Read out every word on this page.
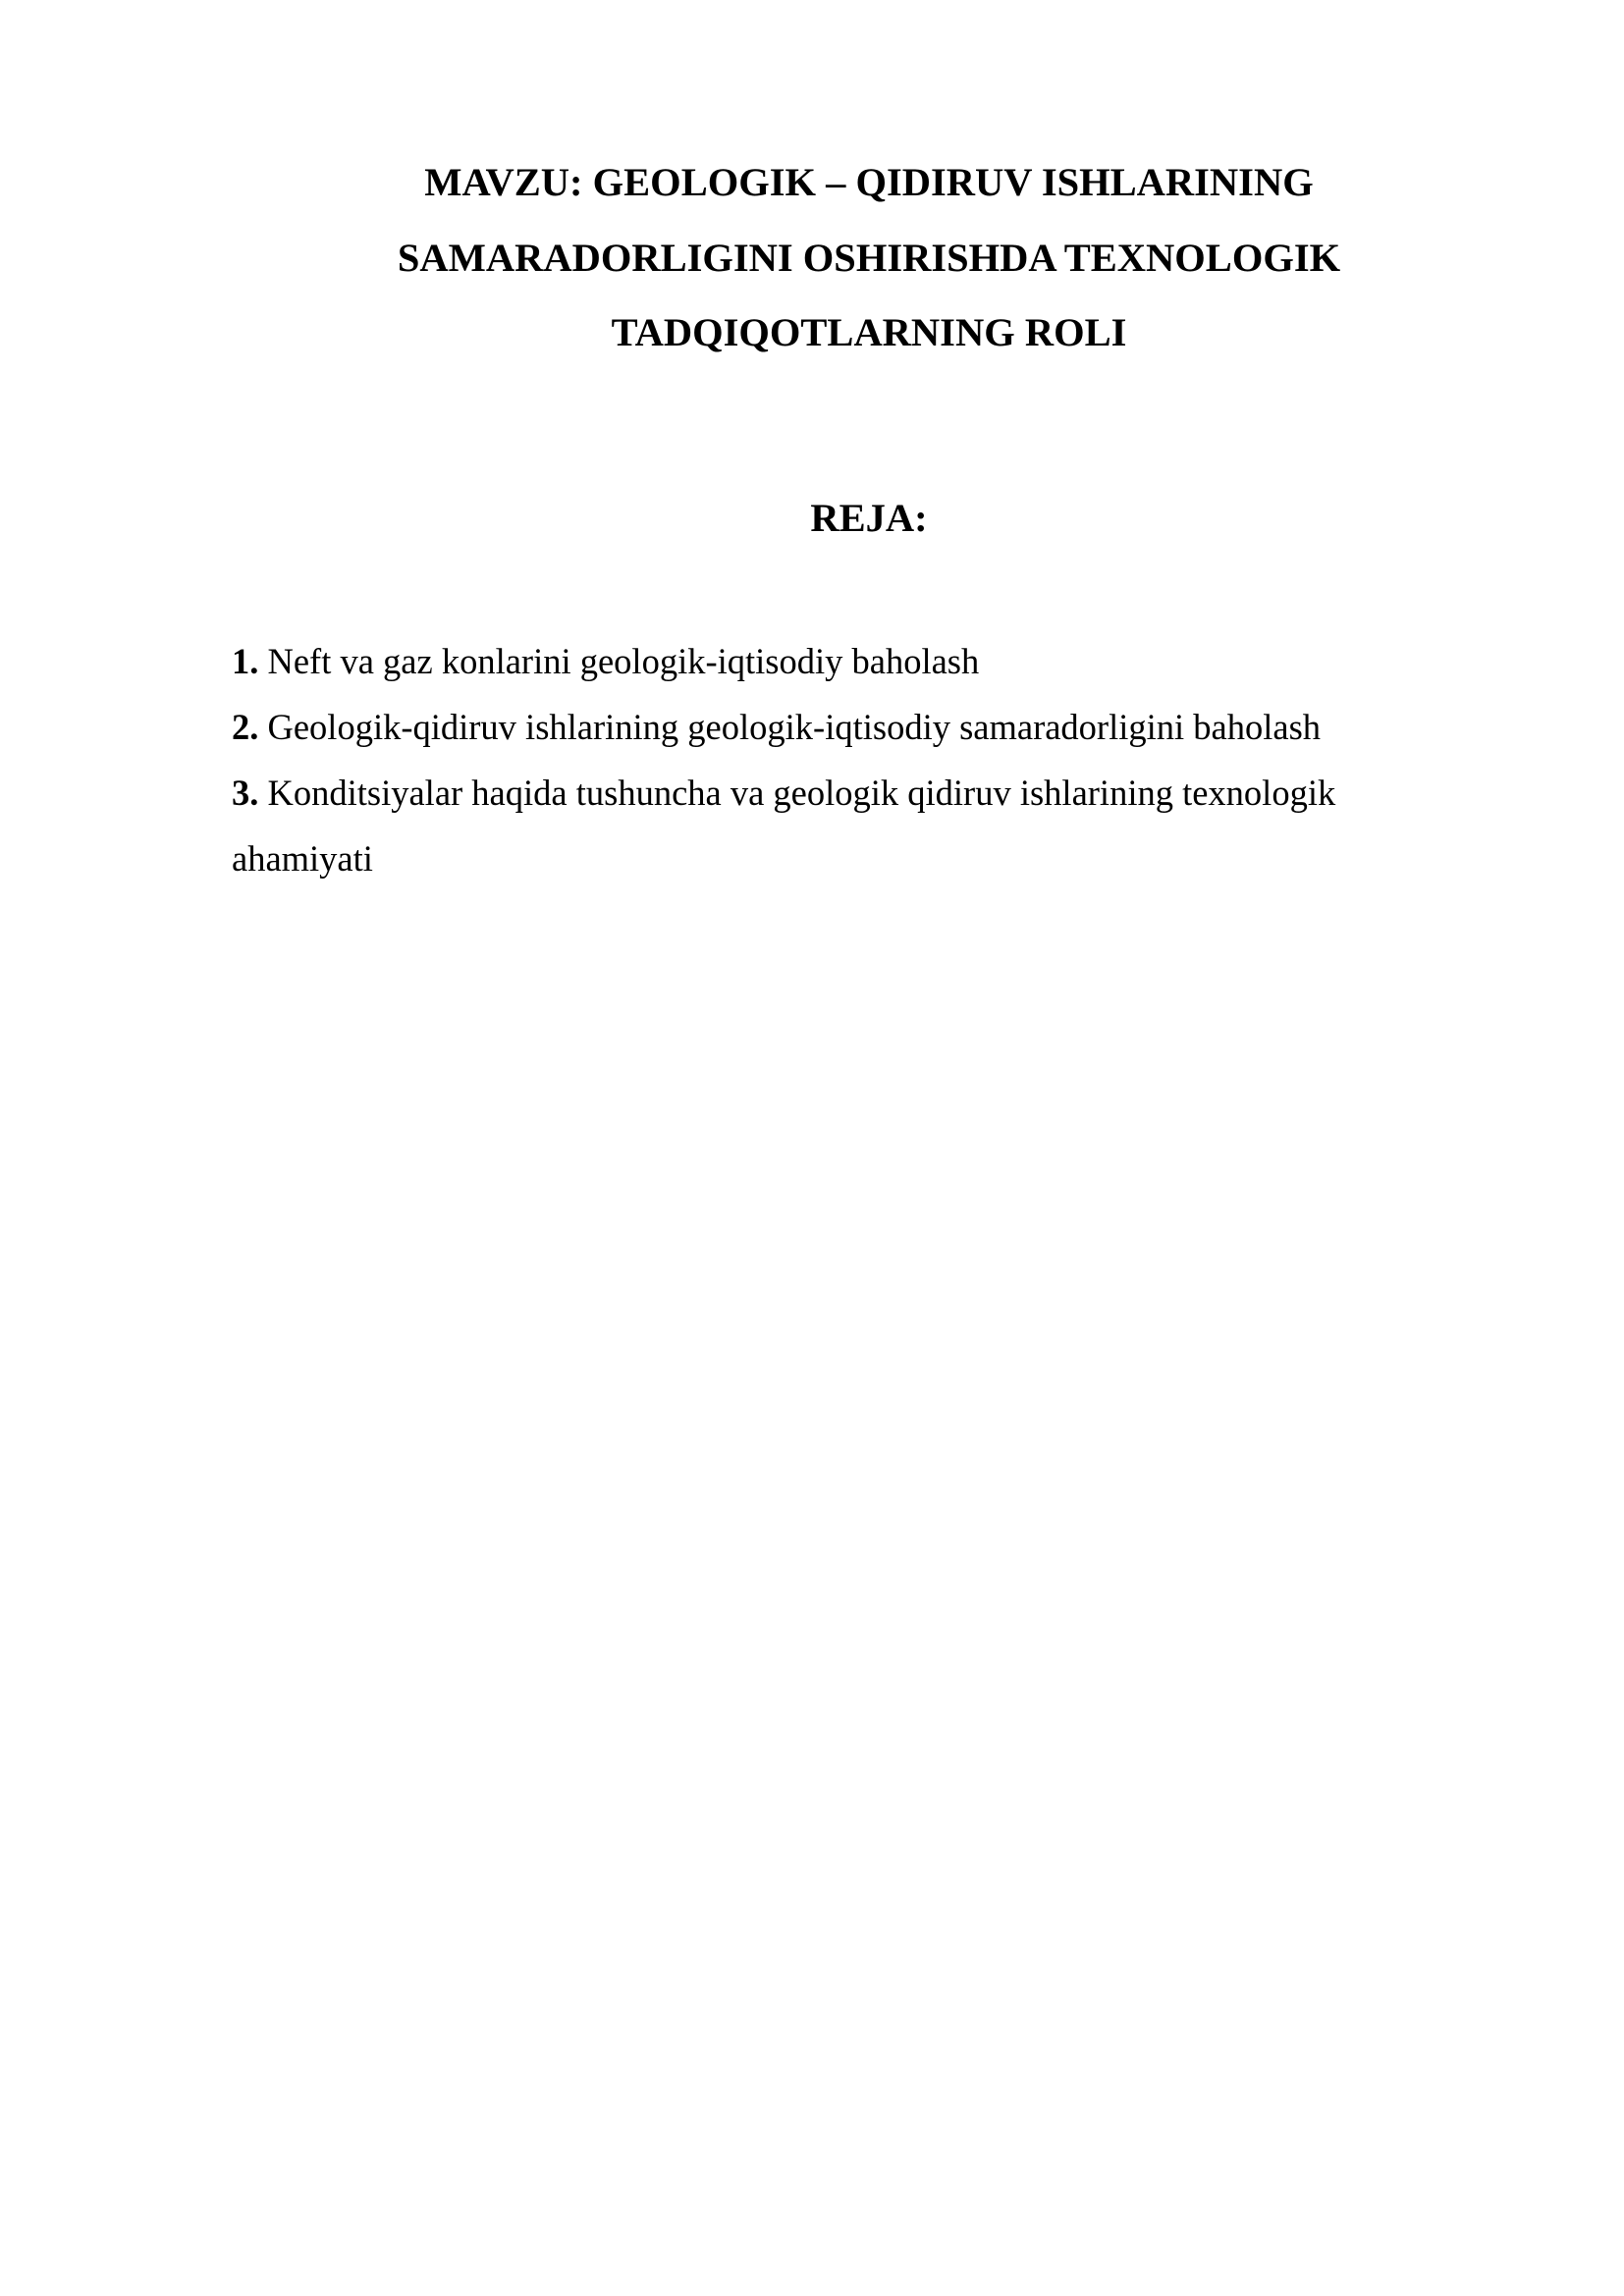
MAVZU: GEOLOGIK – QIDIRUV ISHLARINING
SAMARADORLIGINI OSHIRISHDA TEXNOLOGIK
TADQIQOTLARNING ROLI
REJA:
1. Neft va gaz konlarini geologik-iqtisodiy baholash
2. Geologik-qidiruv ishlarining geologik-iqtisodiy samaradorligini baholash
3. Konditsiyalar haqida tushuncha va geologik qidiruv ishlarining texnologik ahamiyati
